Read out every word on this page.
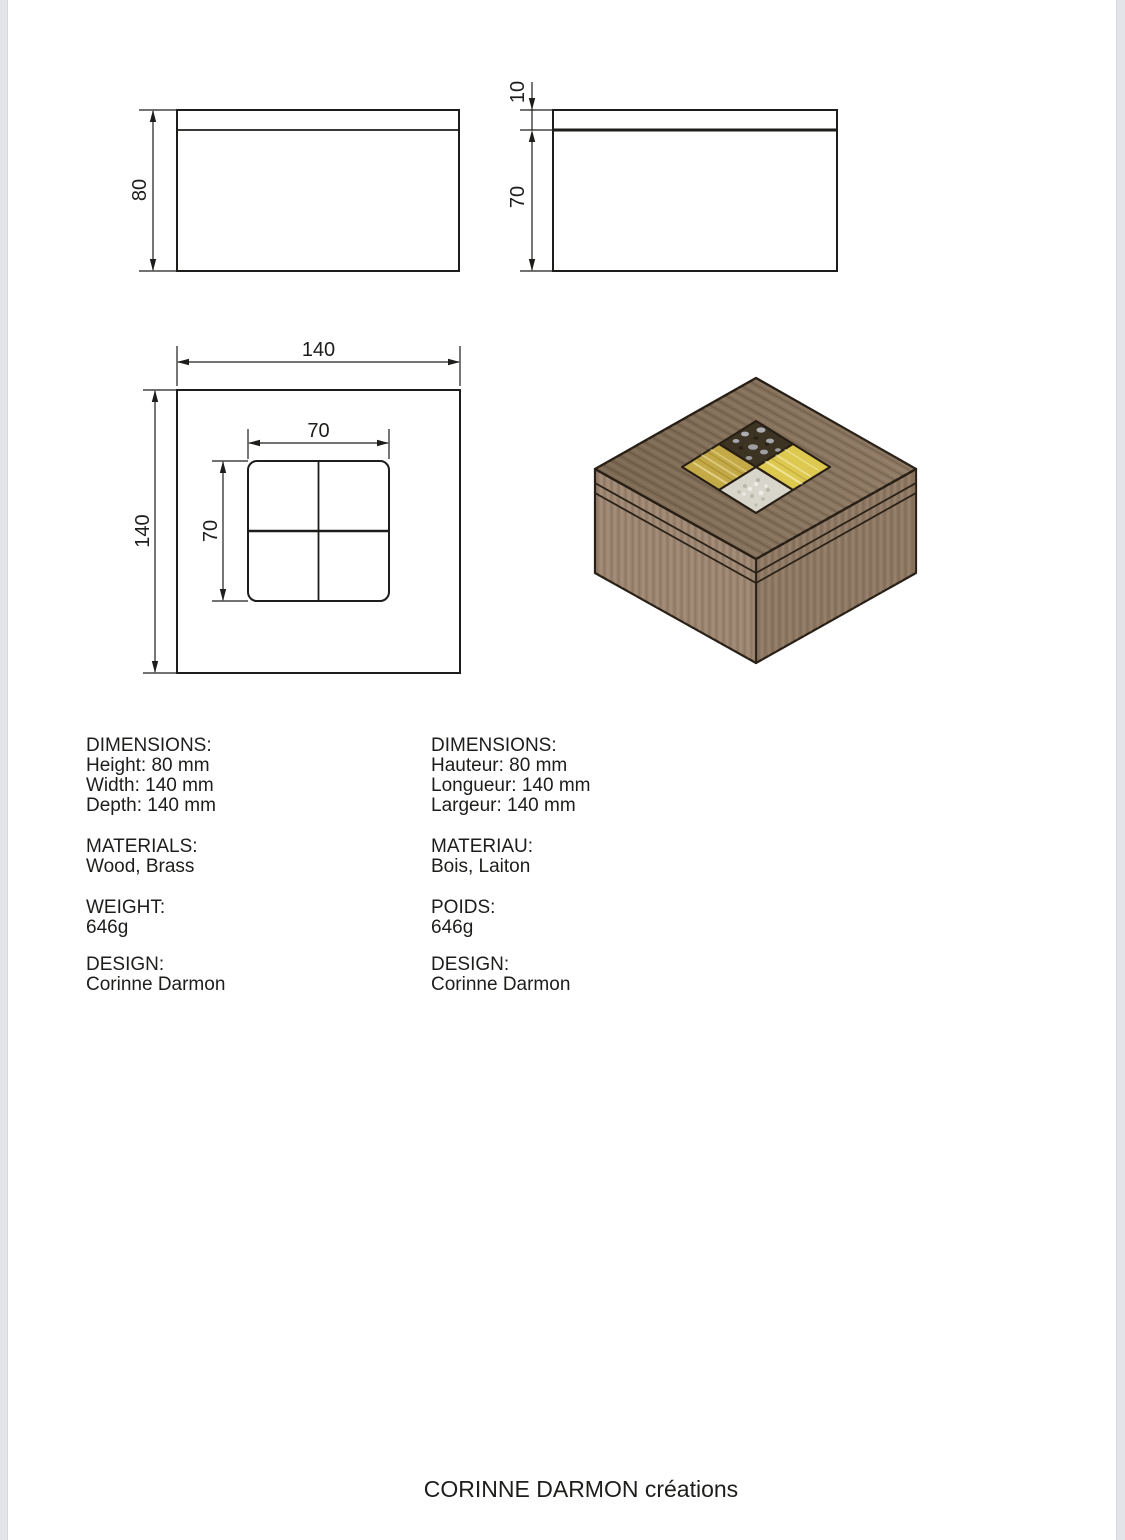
80
10
70
140
140
70
70
DIMENSIONS:
Height: 80 mm
Width: 140 mm
Depth: 140 mm
MATERIALS:
Wood, Brass
WEIGHT:
646g
DESIGN:
Corinne Darmon
DIMENSIONS:
Hauteur: 80 mm
Longueur: 140 mm
Largeur: 140 mm
MATERIAU:
Bois, Laiton
POIDS:
646g
DESIGN:
Corinne Darmon
CORINNE DARMON créations
